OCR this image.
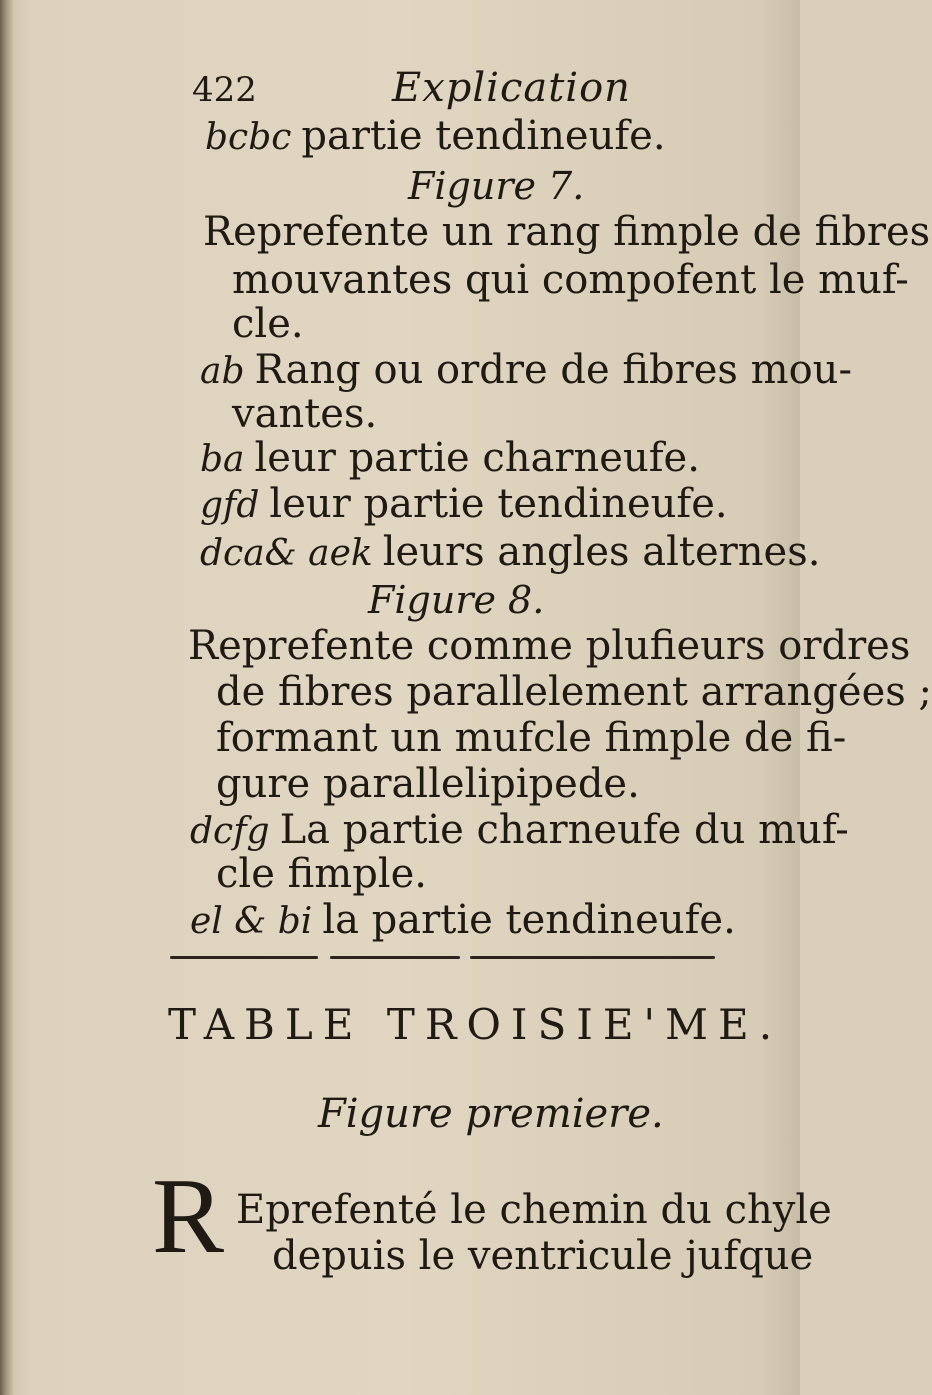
422	Explication
bcbc partie tendineufe.
Figure 7.
Reprefente un rang fimple de fibres
mouvantes qui compofent le muf-
cle.
ab Rang ou ordre de fibres mou-
vantes.
ba leur partie charneufe.
gfd leur partie tendineufe.
dca& aek leurs angles alternes.
Figure 8.
Reprefente comme plufieurs ordres
de fibres parallelement arrangées ;
formant un mufcle fimple de fi-
gure parallelipipede.
dcfg La partie charneufe du muf-
cle fimple.
el & bi la partie tendineufe.
TABLE TROISIE'ME.
Figure premiere.
R Eprefenté le chemin du chyle
depuis le ventricule jufque
